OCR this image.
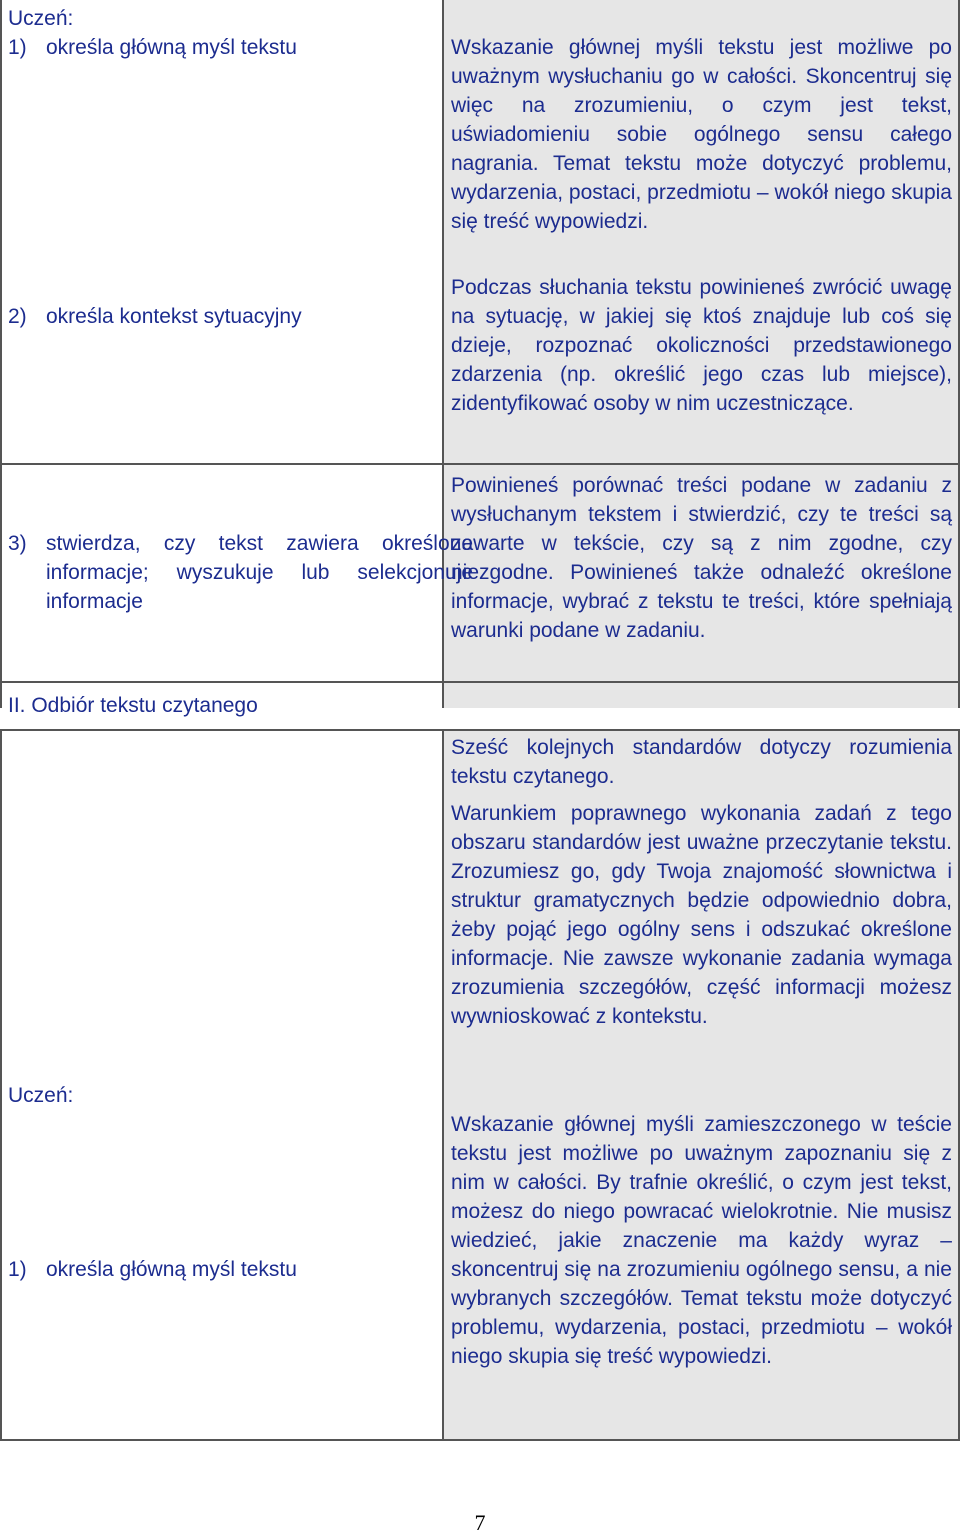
Uczeń:
1) określa główną myśl tekstu	Wskazanie głównej myśli tekstu jest możliwe po uważnym wysłuchaniu go w całości. Skoncentruj się więc na zrozumieniu, o czym jest tekst, uświadomieniu sobie ogólnego sensu całego nagrania. Temat tekstu może dotyczyć problemu, wydarzenia, postaci, przedmiotu – wokół niego skupia się treść wypowiedzi.
2) określa kontekst sytuacyjny
Podczas słuchania tekstu powinieneś zwrócić uwagę na sytuację, w jakiej się ktoś znajduje lub coś się dzieje, rozpoznać okoliczności przedstawionego zdarzenia (np. określić jego czas lub miejsce), zidentyfikować osoby w nim uczestniczące.
3) stwierdza, czy tekst zawiera określone informacje; wyszukuje lub selekcjonuje informacje
Powinieneś porównać treści podane w zadaniu z wysłuchanym tekstem i stwierdzić, czy te treści są zawarte w tekście, czy są z nim zgodne, czy niezgodne. Powinieneś także odnaleźć określone informacje, wybrać z tekstu te treści, które spełniają warunki podane w zadaniu.
II. Odbiór tekstu czytanego

Sześć kolejnych standardów dotyczy rozumienia tekstu czytanego.

Warunkiem poprawnego wykonania zadań z tego obszaru standardów jest uważne przeczytanie tekstu. Zrozumiesz go, gdy Twoja znajomość słownictwa i struktur gramatycznych będzie odpowiednio dobra, żeby pojąć jego ogólny sens i odszukać określone informacje. Nie zawsze wykonanie zadania wymaga zrozumienia szczegółów, część informacji możesz wywnioskować z kontekstu.

Uczeń:
1) określa główną myśl tekstu
Wskazanie głównej myśli zamieszczonego w teście tekstu jest możliwe po uważnym zapoznaniu się z nim w całości. By trafnie określić, o czym jest tekst, możesz do niego powracać wielokrotnie. Nie musisz wiedzieć, jakie znaczenie ma każdy wyraz – skoncentruj się na zrozumieniu ogólnego sensu, a nie wybranych szczegółów. Temat tekstu może dotyczyć problemu, wydarzenia, postaci, przedmiotu – wokół niego skupia się treść wypowiedzi.
7
